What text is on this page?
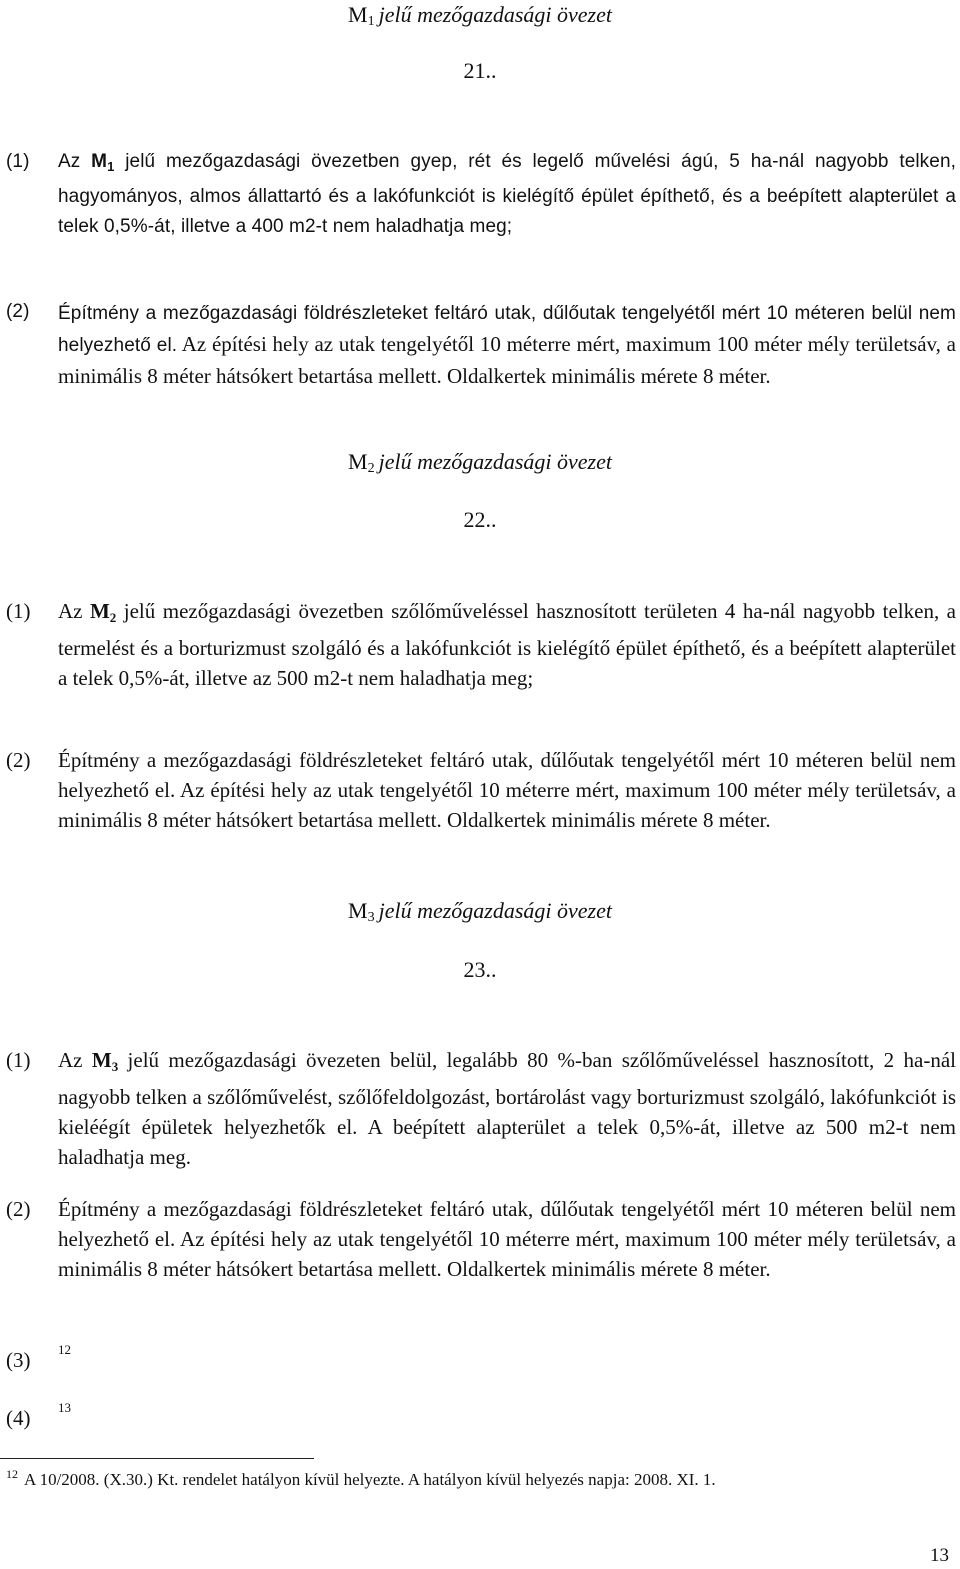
M1 jelű mezőgazdasági övezet
21..
(1)	Az $M_1$ jelű mezőgazdasági övezetben gyep, rét és legelő művelési ágú, 5 ha-nál nagyobb telken, hagyományos, almos állattartó és a lakófunkciót is kielégítő épület építhető, és a beépített alapterület a telek 0,5%-át, illetve a 400 m2-t nem haladhatja meg;
(2)	Építmény a mezőgazdasági földrészleteket feltáró utak, dűlőutak tengelyétől mért 10 méteren belül nem helyezhető el. Az építési hely az utak tengelyétől 10 méterre mért, maximum 100 méter mély területsáv, a minimális 8 méter hátsókert betartása mellett. Oldalkertek minimális mérete 8 méter.
M2 jelű mezőgazdasági övezet
22..
(1)	Az $M_2$ jelű mezőgazdasági övezetben szőlőműveléssel hasznosított területen 4 ha-nál nagyobb telken, a termelést és a borturizmust szolgáló és a lakófunkciót is kielégítő épület építhető, és a beépített alapterület a telek 0,5%-át, illetve az 500 m2-t nem haladhatja meg;
(2)	Építmény a mezőgazdasági földrészleteket feltáró utak, dűlőutak tengelyétől mért 10 méteren belül nem helyezhető el. Az építési hely az utak tengelyétől 10 méterre mért, maximum 100 méter mély területsáv, a minimális 8 méter hátsókert betartása mellett. Oldalkertek minimális mérete 8 méter.
M3 jelű mezőgazdasági övezet
23..
(1)	Az $M_3$ jelű mezőgazdasági övezeten belül, legalább 80 %-ban szőlőműveléssel hasznosított, 2 ha-nál nagyobb telken a szőlőművelést, szőlőfeldolgozást, bortárolást vagy borturizmust szolgáló, lakófunkciót is kieléégít épületek helyezhetők el. A beépített alapterület a telek 0,5%-át, illetve az 500 m2-t nem haladhatja meg.
(2)	Építmény a mezőgazdasági földrészleteket feltáró utak, dűlőutak tengelyétől mért 10 méteren belül nem helyezhető el. Az építési hely az utak tengelyétől 10 méterre mért, maximum 100 méter mély területsáv, a minimális 8 méter hátsókert betartása mellett. Oldalkertek minimális mérete 8 méter.
(3)	12
(4)	13
$^{12}$ A 10/2008. (X.30.) Kt. rendelet hatályon kívül helyezte. A hatályon kívül helyezés napja: 2008. XI. 1.
13
